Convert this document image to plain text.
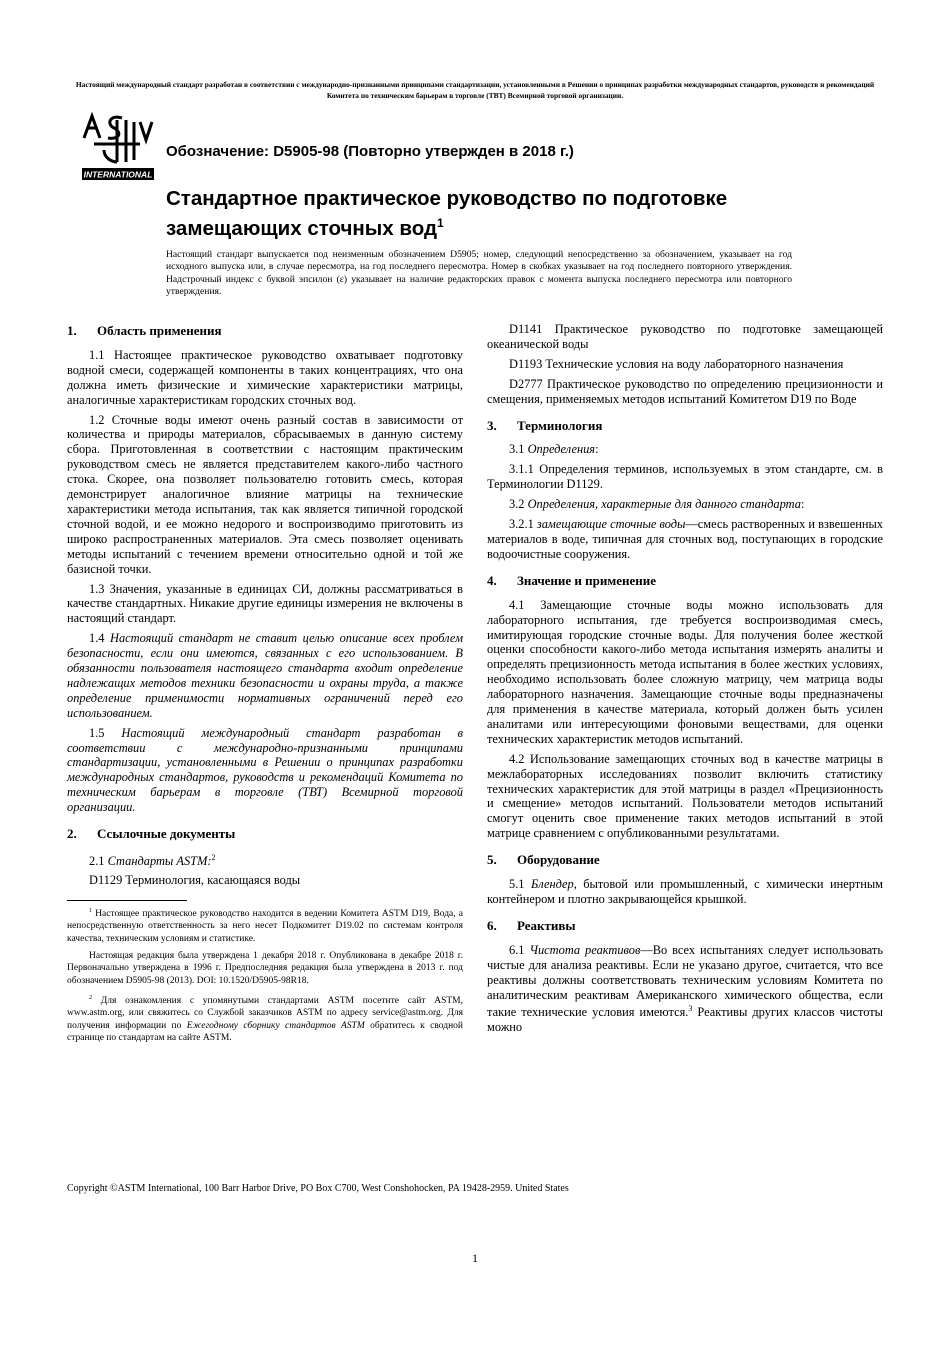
Настоящий международный стандарт разработан в соответствии с международно-признанными принципами стандартизации, установленными в Решении о принципах разработки международных стандартов, руководств и рекомендаций Комитета по техническим барьерам в торговле (ТВТ) Всемирной торговой организации.
INTERNATIONAL
Обозначение: D5905-98 (Повторно утвержден в 2018 г.)
Стандартное практическое руководство по подготовке замещающих сточных вод$^1$
Настоящий стандарт выпускается под неизменным обозначением D5905; номер, следующий непосредственно за обозначением, указывает на год исходного выпуска или, в случае пересмотра, на год последнего пересмотра. Номер в скобках указывает на год последнего повторного утверждения. Надстрочный индекс с буквой эпсилон (ε) указывает на наличие редакторских правок с момента выпуска последнего пересмотра или повторного утверждения.
1. Область применения

1.1 Настоящее практическое руководство охватывает подготовку водной смеси, содержащей компоненты в таких концентрациях, что она должна иметь физические и химические характеристики матрицы, аналогичные характеристикам городских сточных вод.

1.2 Сточные воды имеют очень разный состав в зависимости от количества и природы материалов, сбрасываемых в данную систему сбора. Приготовленная в соответствии с настоящим практическим руководством смесь не является представителем какого-либо частного стока. Скорее, она позволяет пользователю готовить смесь, которая демонстрирует аналогичное влияние матрицы на технические характеристики метода испытания, так как является типичной городской сточной водой, и ее можно недорого и воспроизводимо приготовить из широко распространенных материалов. Эта смесь позволяет оценивать методы испытаний с течением времени относительно одной и той же базисной точки.

1.3 Значения, указанные в единицах СИ, должны рассматриваться в качестве стандартных. Никакие другие единицы измерения не включены в настоящий стандарт.

1.4 Настоящий стандарт не ставит целью описание всех проблем безопасности, если они имеются, связанных с его использованием. В обязанности пользователя настоящего стандарта входит определение надлежащих методов техники безопасности и охраны труда, а также определение применимости нормативных ограничений перед его использованием.

1.5 Настоящий международный стандарт разработан в соответствии с международно-признанными принципами стандартизации, установленными в Решении о принципах разработки международных стандартов, руководств и рекомендаций Комитета по техническим барьерам в торговле (ТВТ) Всемирной торговой организации.

2. Ссылочные документы

2.1 Стандарты ASTM:$^2$

D1129 Терминология, касающаяся воды

$^1$ Настоящее практическое руководство находится в ведении Комитета ASTM D19, Вода, а непосредственную ответственность за него несет Подкомитет D19.02 по системам контроля качества, техническим условиям и статистике.

Настоящая редакция была утверждена 1 декабря 2018 г. Опубликована в декабре 2018 г. Первоначально утверждена в 1996 г. Предпоследняя редакция была утверждена в 2013 г. под обозначением D5905-98 (2013). DOI: 10.1520/D5905-98R18.

$^2$ Для ознакомления с упомянутыми стандартами ASTM посетите сайт ASTM, www.astm.org, или свяжитесь со Службой заказчиков ASTM по адресу service@astm.org. Для получения информации по Ежегодному сборнику стандартов ASTM обратитесь к сводной странице по стандартам на сайте ASTM.

D1141 Практическое руководство по подготовке замещающей океанической воды

D1193 Технические условия на воду лабораторного назначения

D2777 Практическое руководство по определению прецизионности и смещения, применяемых методов испытаний Комитетом D19 по Воде

3. Терминология

3.1 Определения:

3.1.1 Определения терминов, используемых в этом стандарте, см. в Терминологии D1129.

3.2 Определения, характерные для данного стандарта:

3.2.1 замещающие сточные воды—смесь растворенных и взвешенных материалов в воде, типичная для сточных вод, поступающих в городские водоочистные сооружения.

4. Значение и применение

4.1 Замещающие сточные воды можно использовать для лабораторного испытания, где требуется воспроизводимая смесь, имитирующая городские сточные воды. Для получения более жесткой оценки способности какого-либо метода испытания измерять аналиты и определять прецизионность метода испытания в более жестких условиях, необходимо использовать более сложную матрицу, чем матрица воды лабораторного назначения. Замещающие сточные воды предназначены для применения в качестве материала, который должен быть усилен аналитами или интересующими фоновыми веществами, для оценки технических характеристик методов испытаний.

4.2 Использование замещающих сточных вод в качестве матрицы в межлабораторных исследованиях позволит включить статистику технических характеристик для этой матрицы в раздел «Прецизионность и смещение» методов испытаний. Пользователи методов испытаний смогут оценить свое применение таких методов испытаний в этой матрице сравнением с опубликованными результатами.

5. Оборудование

5.1 Блендер, бытовой или промышленный, с химически инертным контейнером и плотно закрывающейся крышкой.

6. Реактивы

6.1 Чистота реактивов—Во всех испытаниях следует использовать чистые для анализа реактивы. Если не указано другое, считается, что все реактивы должны соответствовать техническим условиям Комитета по аналитическим реактивам Американского химического общества, если такие технические условия имеются.$^3$ Реактивы других классов чистоты можно

Copyright ©ASTM International, 100 Barr Harbor Drive, PO Box C700, West Conshohocken, PA 19428-2959. United States
1
